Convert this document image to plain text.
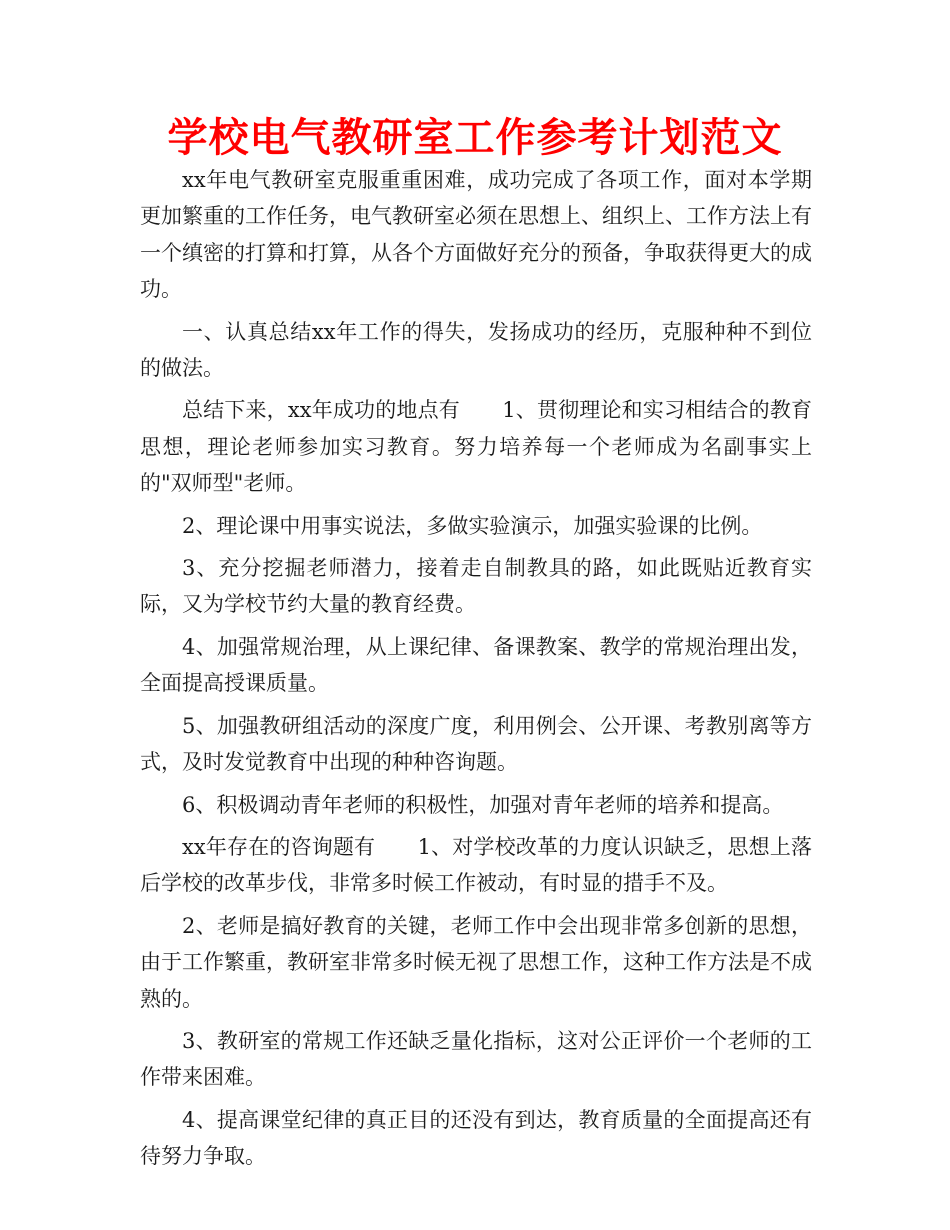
学校电气教研室工作参考计划范文

xx年电气教研室克服重重困难，成功完成了各项工作，面对本学期更加繁重的工作任务，电气教研室必须在思想上、组织上、工作方法上有一个缜密的打算和打算，从各个方面做好充分的预备，争取获得更大的成功。

一、认真总结xx年工作的得失，发扬成功的经历，克服种种不到位的做法。

总结下来，xx年成功的地点有　　1、贯彻理论和实习相结合的教育思想，理论老师参加实习教育。努力培养每一个老师成为名副事实上的"双师型"老师。

2、理论课中用事实说法，多做实验演示，加强实验课的比例。

3、充分挖掘老师潜力，接着走自制教具的路，如此既贴近教育实际，又为学校节约大量的教育经费。

4、加强常规治理，从上课纪律、备课教案、教学的常规治理出发，全面提高授课质量。

5、加强教研组活动的深度广度，利用例会、公开课、考教别离等方式，及时发觉教育中出现的种种咨询题。

6、积极调动青年老师的积极性，加强对青年老师的培养和提高。

xx年存在的咨询题有　　1、对学校改革的力度认识缺乏，思想上落后学校的改革步伐，非常多时候工作被动，有时显的措手不及。

2、老师是搞好教育的关键，老师工作中会出现非常多创新的思想，由于工作繁重，教研室非常多时候无视了思想工作，这种工作方法是不成熟的。

3、教研室的常规工作还缺乏量化指标，这对公正评价一个老师的工作带来困难。

4、提高课堂纪律的真正目的还没有到达，教育质量的全面提高还有待努力争取。
